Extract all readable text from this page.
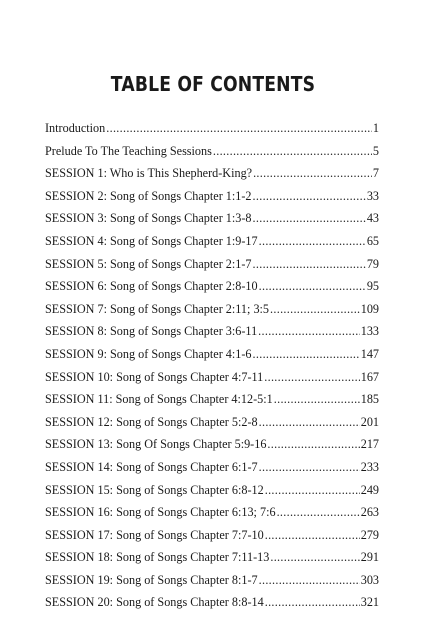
TABLE OF CONTENTS
Introduction .....	1
Prelude To The Teaching Sessions .....	5
SESSION 1: Who is This Shepherd-King? .....	7
SESSION 2: Song of Songs Chapter 1:1-2 .....	33
SESSION 3: Song of Songs Chapter 1:3-8 .....	43
SESSION 4: Song of Songs Chapter 1:9-17 .....	65
SESSION 5: Song of Songs Chapter 2:1-7 .....	79
SESSION 6: Song of Songs Chapter 2:8-10 .....	95
SESSION 7: Song of Songs Chapter 2:11; 3:5 .....	109
SESSION 8: Song of Songs Chapter 3:6-11 .....	133
SESSION 9: Song of Songs Chapter 4:1-6 .....	147
SESSION 10: Song of Songs Chapter 4:7-11 .....	167
SESSION 11: Song of Songs Chapter 4:12-5:1 .....	185
SESSION 12: Song of Songs Chapter 5:2-8 .....	201
SESSION 13: Song Of Songs Chapter 5:9-16 .....	217
SESSION 14: Song of Songs Chapter 6:1-7 .....	233
SESSION 15: Song of Songs Chapter 6:8-12 .....	249
SESSION 16: Song of Songs Chapter 6:13; 7:6 .....	263
SESSION 17: Song of Songs Chapter 7:7-10 .....	279
SESSION 18: Song of Songs Chapter 7:11-13 .....	291
SESSION 19: Song of Songs Chapter 8:1-7 .....	303
SESSION 20: Song of Songs Chapter 8:8-14 .....	321
